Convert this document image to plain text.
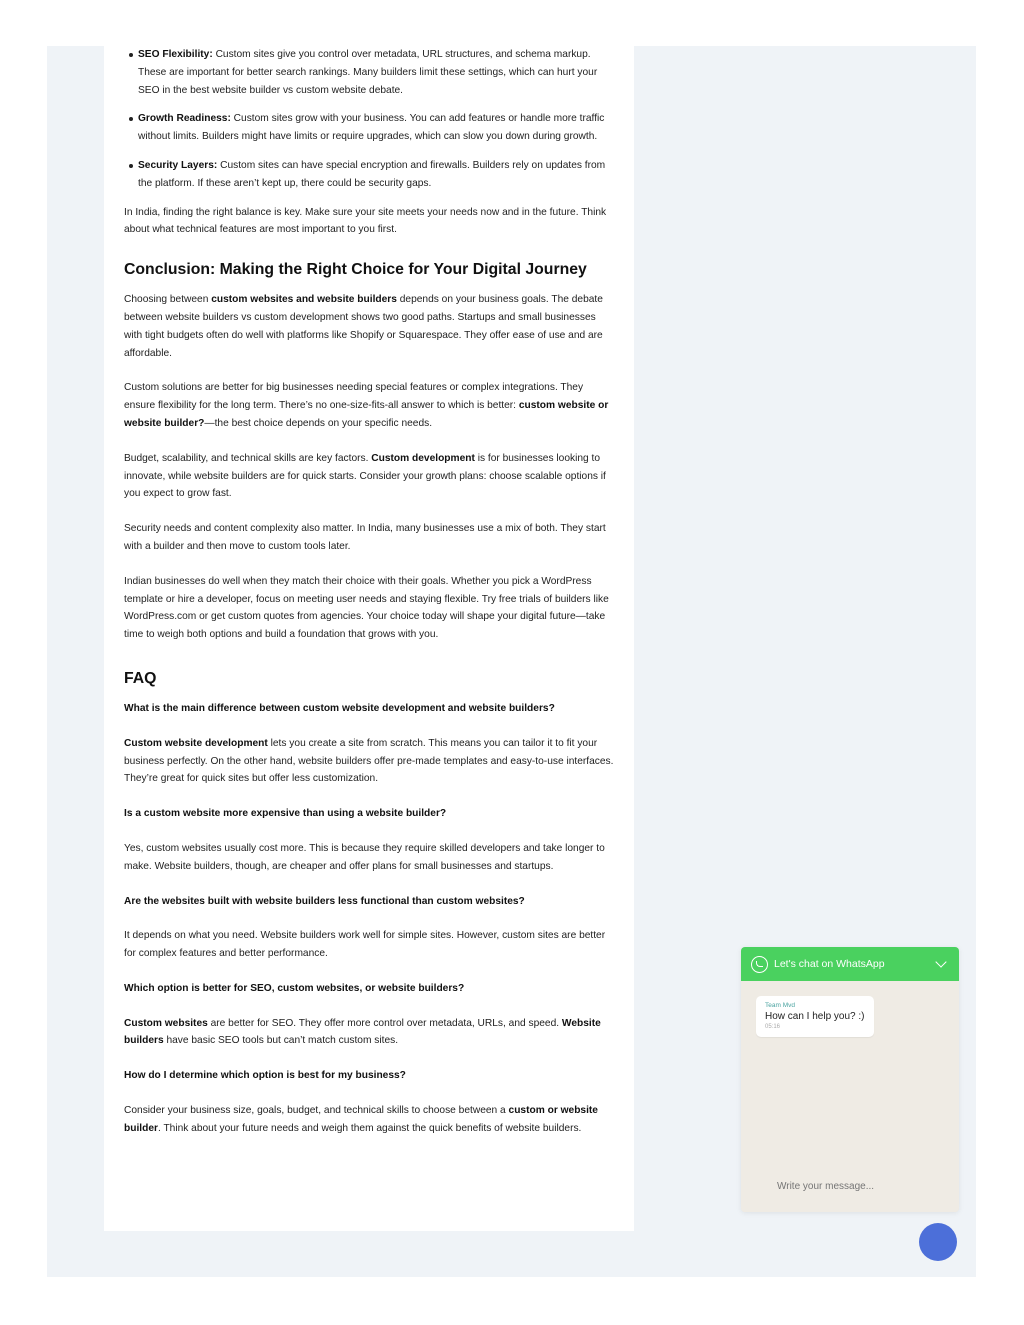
SEO Flexibility: Custom sites give you control over metadata, URL structures, and schema markup. These are important for better search rankings. Many builders limit these settings, which can hurt your SEO in the best website builder vs custom website debate.
Growth Readiness: Custom sites grow with your business. You can add features or handle more traffic without limits. Builders might have limits or require upgrades, which can slow you down during growth.
Security Layers: Custom sites can have special encryption and firewalls. Builders rely on updates from the platform. If these aren’t kept up, there could be security gaps.

In India, finding the right balance is key. Make sure your site meets your needs now and in the future. Think about what technical features are most important to you first.

Conclusion: Making the Right Choice for Your Digital Journey

Choosing between custom websites and website builders depends on your business goals. The debate between website builders vs custom development shows two good paths. Startups and small businesses with tight budgets often do well with platforms like Shopify or Squarespace. They offer ease of use and are affordable.

Custom solutions are better for big businesses needing special features or complex integrations. They ensure flexibility for the long term. There’s no one-size-fits-all answer to which is better: custom website or website builder?—the best choice depends on your specific needs.

Budget, scalability, and technical skills are key factors. Custom development is for businesses looking to innovate, while website builders are for quick starts. Consider your growth plans: choose scalable options if you expect to grow fast.

Security needs and content complexity also matter. In India, many businesses use a mix of both. They start with a builder and then move to custom tools later.

Indian businesses do well when they match their choice with their goals. Whether you pick a WordPress template or hire a developer, focus on meeting user needs and staying flexible. Try free trials of builders like WordPress.com or get custom quotes from agencies. Your choice today will shape your digital future—take time to weigh both options and build a foundation that grows with you.

FAQ

What is the main difference between custom website development and website builders?

Custom website development lets you create a site from scratch. This means you can tailor it to fit your business perfectly. On the other hand, website builders offer pre-made templates and easy-to-use interfaces. They’re great for quick sites but offer less customization.

Is a custom website more expensive than using a website builder?

Yes, custom websites usually cost more. This is because they require skilled developers and take longer to make. Website builders, though, are cheaper and offer plans for small businesses and startups.

Are the websites built with website builders less functional than custom websites?

It depends on what you need. Website builders work well for simple sites. However, custom sites are better for complex features and better performance.

Which option is better for SEO, custom websites, or website builders?

Custom websites are better for SEO. They offer more control over metadata, URLs, and speed. Website builders have basic SEO tools but can’t match custom sites.

How do I determine which option is best for my business?

Consider your business size, goals, budget, and technical skills to choose between a custom or website builder. Think about your future needs and weigh them against the quick benefits of website builders.

Let's chat on WhatsApp
Team Mvd
How can I help you? :)
05:16
Write your message...
